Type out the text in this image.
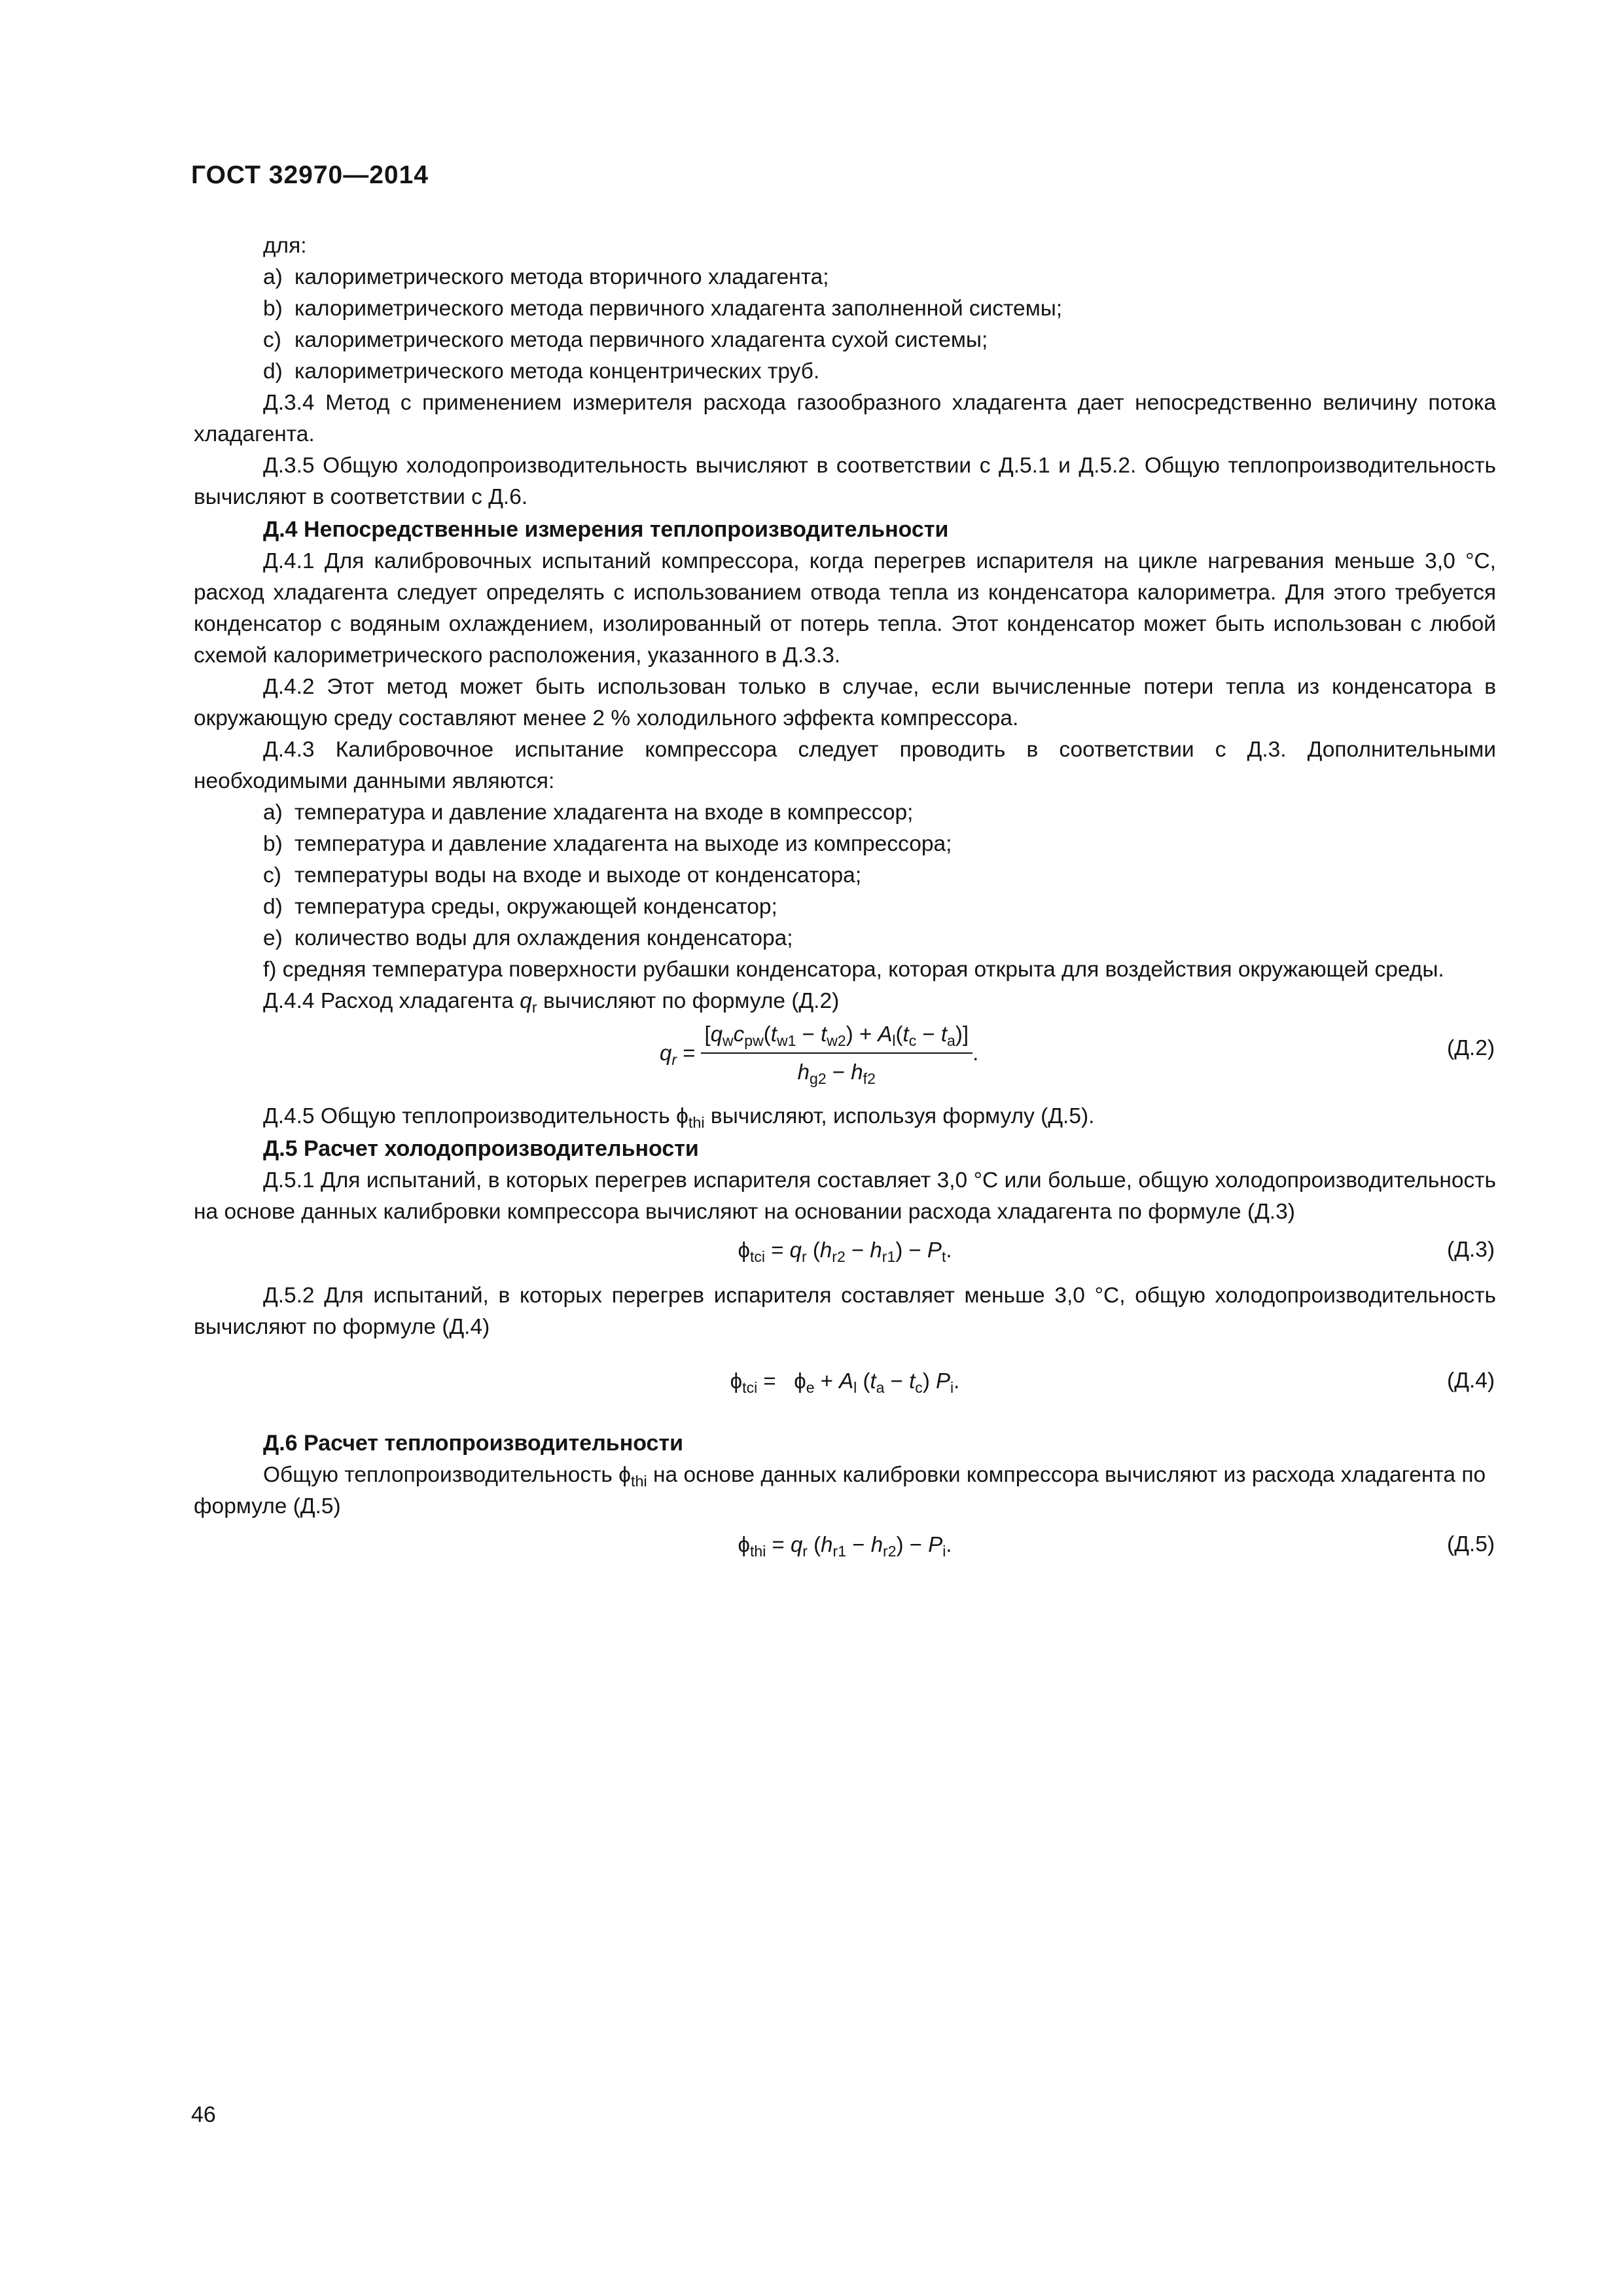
ГОСТ 32970—2014

для:

a) калориметрического метода вторичного хладагента;
b) калориметрического метода первичного хладагента заполненной системы;
c) калориметрического метода первичного хладагента сухой системы;
d) калориметрического метода концентрических труб.

Д.3.4 Метод с применением измерителя расхода газообразного хладагента дает непосредственно величину потока хладагента.

Д.3.5 Общую холодопроизводительность вычисляют в соответствии с Д.5.1 и Д.5.2. Общую теплопроизводительность вычисляют в соответствии с Д.6.

Д.4 Непосредственные измерения теплопроизводительности

Д.4.1 Для калибровочных испытаний компрессора, когда перегрев испарителя на цикле нагревания меньше 3,0 °С, расход хладагента следует определять с использованием отвода тепла из конденсатора калориметра. Для этого требуется конденсатор с водяным охлаждением, изолированный от потерь тепла. Этот конденсатор может быть использован с любой схемой калориметрического расположения, указанного в Д.3.3.

Д.4.2 Этот метод может быть использован только в случае, если вычисленные потери тепла из конденсатора в окружающую среду составляют менее 2 % холодильного эффекта компрессора.

Д.4.3 Калибровочное испытание компрессора следует проводить в соответствии с Д.3. Дополнительными необходимыми данными являются:

a) температура и давление хладагента на входе в компрессор;
b) температура и давление хладагента на выходе из компрессора;
c) температуры воды на входе и выходе от конденсатора;
d) температура среды, окружающей конденсатор;
e) количество воды для охлаждения конденсатора;

f) средняя температура поверхности рубашки конденсатора, которая открыта для воздействия окружающей среды.

Д.4.4 Расход хладагента $q_r$ вычисляют по формуле (Д.2)

$q_r = \frac{[q_wc_{pw}(t_{w1} - t_{w2}) + A_l(t_c - t_a)]}{h_{g2} - h_{f2}}$ .	(Д.2)

Д.4.5 Общую теплопроизводительность $\phi_{thi}$ вычисляют, используя формулу (Д.5).

Д.5 Расчет холодопроизводительности

Д.5.1 Для испытаний, в которых перегрев испарителя составляет 3,0 °С или больше, общую холодопроизводительность на основе данных калибровки компрессора вычисляют на основании расхода хладагента по формуле (Д.3)

$\phi_{tci} = q_r$ $(h_{r2} - h_{r1}) - P_t$.	(Д.3)

Д.5.2 Для испытаний, в которых перегрев испарителя составляет меньше 3,0 °С, общую холодопроизводительность вычисляют по формуле (Д.4)

$\phi_{tci} = \phi_e + A_l$ $(t_a - t_c)$ $P_i$.	(Д.4)
Д.6 Расчет теплопроизводительности

Общую теплопроизводительность $\phi_{thi}$ на основе данных калибровки компрессора вычисляют из расхода хладагента по формуле (Д.5)

$\phi_{thi} = q_r$ $(h_{r1} - h_{r2}) - P_i$.	(Д.5)
46
